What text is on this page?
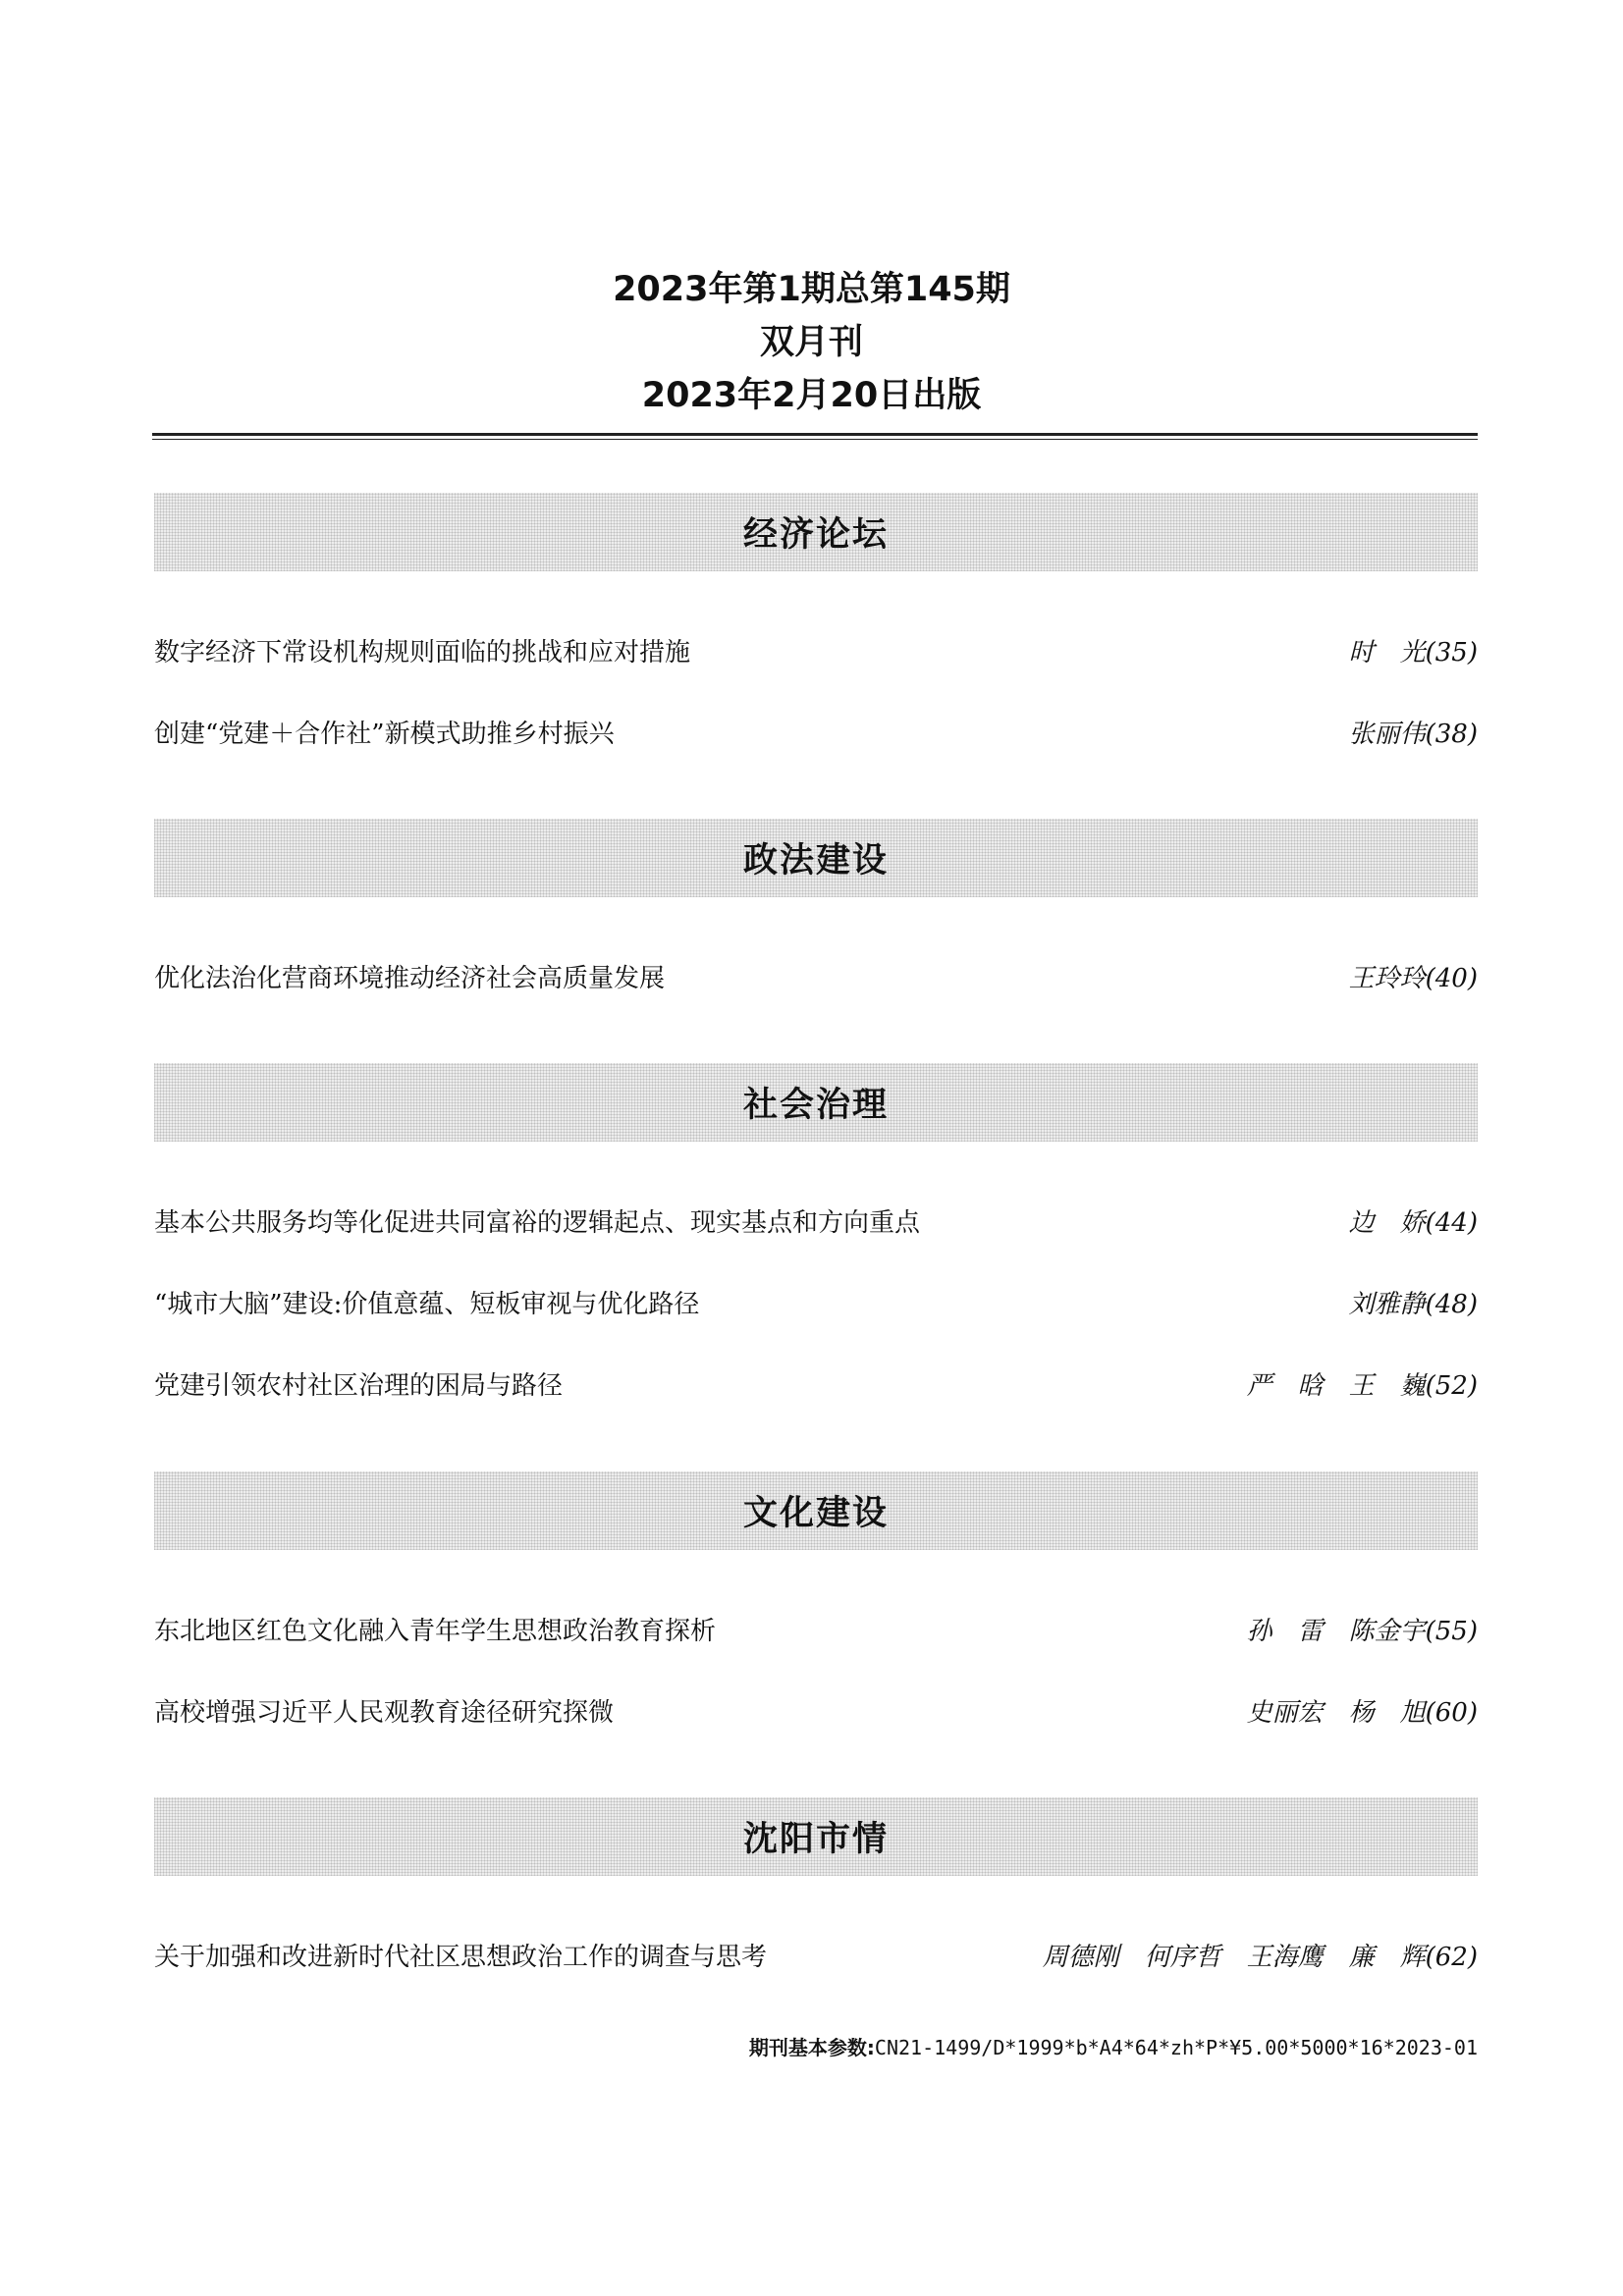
2023年第1期总第145期
双月刊
2023年2月20日出版
经济论坛
数字经济下常设机构规则面临的挑战和应对措施	时　光(35)
创建“党建＋合作社”新模式助推乡村振兴	张丽伟(38)
政法建设
优化法治化营商环境推动经济社会高质量发展	王玲玲(40)
社会治理
基本公共服务均等化促进共同富裕的逻辑起点、现实基点和方向重点	边　娇(44)
“城市大脑”建设:价值意蕴、短板审视与优化路径	刘雅静(48)
党建引领农村社区治理的困局与路径	严　晗　王　巍(52)
文化建设
东北地区红色文化融入青年学生思想政治教育探析	孙　雷　陈金宇(55)
高校增强习近平人民观教育途径研究探微	史丽宏　杨　旭(60)
沈阳市情
关于加强和改进新时代社区思想政治工作的调查与思考	周德刚　何序哲　王海鹰　廉　辉(62)
期刊基本参数:CN21-1499/D*1999*b*A4*64*zh*P*¥5.00*5000*16*2023-01
